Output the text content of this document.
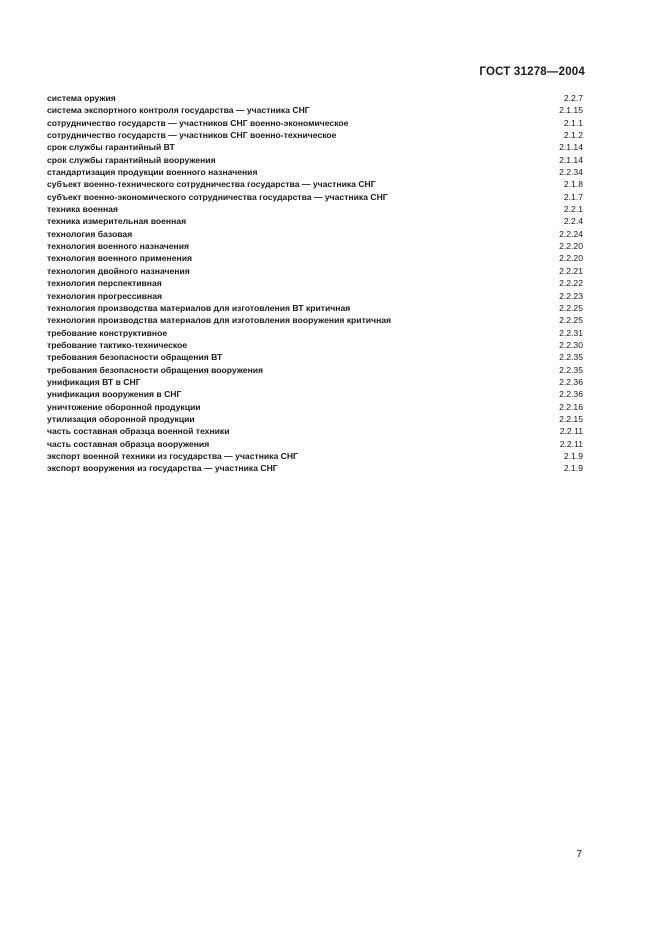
ГОСТ 31278—2004
система оружия	2.2.7
система экспортного контроля государства — участника СНГ	2.1.15
сотрудничество государств — участников СНГ военно-экономическое	2.1.1
сотрудничество государств — участников СНГ военно-техническое	2.1.2
срок службы гарантийный ВТ	2.1.14
срок службы гарантийный вооружения	2.1.14
стандартизация продукции военного назначения	2.2.34
субъект военно-технического сотрудничества государства — участника СНГ	2.1.8
субъект военно-экономического сотрудничества государства — участника СНГ	2.1.7
техника военная	2.2.1
техника измерительная военная	2.2.4
технология базовая	2.2.24
технология военного назначения	2.2.20
технология военного применения	2.2.20
технология двойного назначения	2.2.21
технология перспективная	2.2.22
технология прогрессивная	2.2.23
технология производства материалов для изготовления ВТ критичная	2.2.25
технология производства материалов для изготовления вооружения критичная	2.2.25
требование конструктивное	2.2.31
требование тактико-техническое	2.2.30
требования безопасности обращения ВТ	2.2.35
требования безопасности обращения вооружения	2.2.35
унификация ВТ в СНГ	2.2.36
унификация вооружения в СНГ	2.2.36
уничтожение оборонной продукции	2.2.16
утилизация оборонной продукции	2.2.15
часть составная образца военной техники	2.2.11
часть составная образца вооружения	2.2.11
экспорт военной техники из государства — участника СНГ	2.1.9
экспорт вооружения из государства — участника СНГ	2.1.9
7
